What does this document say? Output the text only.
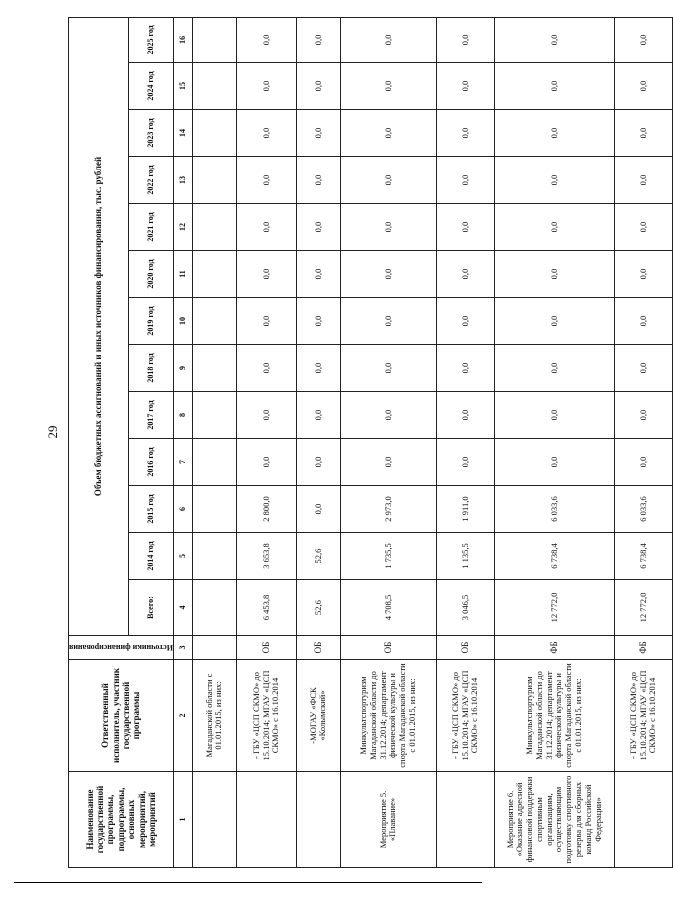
29
Наименование государственной программы, подпрограммы, основных мероприятий, мероприятий	Ответственный исполнитель, участник государственной программы	Источники финансирования	Объем бюджетных ассигнований и иных источников финансирования, тыс. рублей												
			Всего:	2014 год	2015 год	2016 год	2017 год	2018 год	2019 год	2020 год	2021 год	2022 год	2023 год	2024 год	2025 год
1	2	3	4	5	6	7	8	9	10	11	12	13	14	15	16
	Магаданской области с 01.01.2015, из них:														
	- ГБУ «ЦСП СКМО» до 15.10.2014; МГАУ «ЦСП СКМО» с 16.10.2014	ОБ	6 453,8	3 653,8	2 800,0	0,0	0,0	0,0	0,0	0,0	0,0	0,0	0,0	0,0	0,0
	-МОГАУ «ФСК «Колымский»	ОБ	52,6	52,6	0,0	0,0	0,0	0,0	0,0	0,0	0,0	0,0	0,0	0,0	0,0
Мероприятие 5. «Плавание»	Минкультспортуризм Магаданской области до 31.12.2014; департамент физической культуры и спорта Магаданской области с 01.01.2015, из них:	ОБ	4 708,5	1 735,5	2 973,0	0,0	0,0	0,0	0,0	0,0	0,0	0,0	0,0	0,0	0,0
	- ГБУ «ЦСП СКМО» до 15.10.2014; МГАУ «ЦСП СКМО» с 16.10.2014	ОБ	3 046,5	1 135,5	1 911,0	0,0	0,0	0,0	0,0	0,0	0,0	0,0	0,0	0,0	0,0
Мероприятие 6. «Оказание адресной финансовой поддержки спортивным организациям, осуществляющим подготовку спортивного резерва для сборных команд Российской Федерации»	Минкультспортуризм Магаданской области до 31.12.2014; департамент физической культуры и спорта Магаданской области с 01.01.2015, из них:	ФБ	12 772,0	6 738,4	6 033,6	0,0	0,0	0,0	0,0	0,0	0,0	0,0	0,0	0,0	0,0
	- ГБУ «ЦСП СКМО» до 15.10.2014; МГАУ «ЦСП СКМО» с 16.10.2014	ФБ	12 772,0	6 738,4	6 033,6	0,0	0,0	0,0	0,0	0,0	0,0	0,0	0,0	0,0	0,0
